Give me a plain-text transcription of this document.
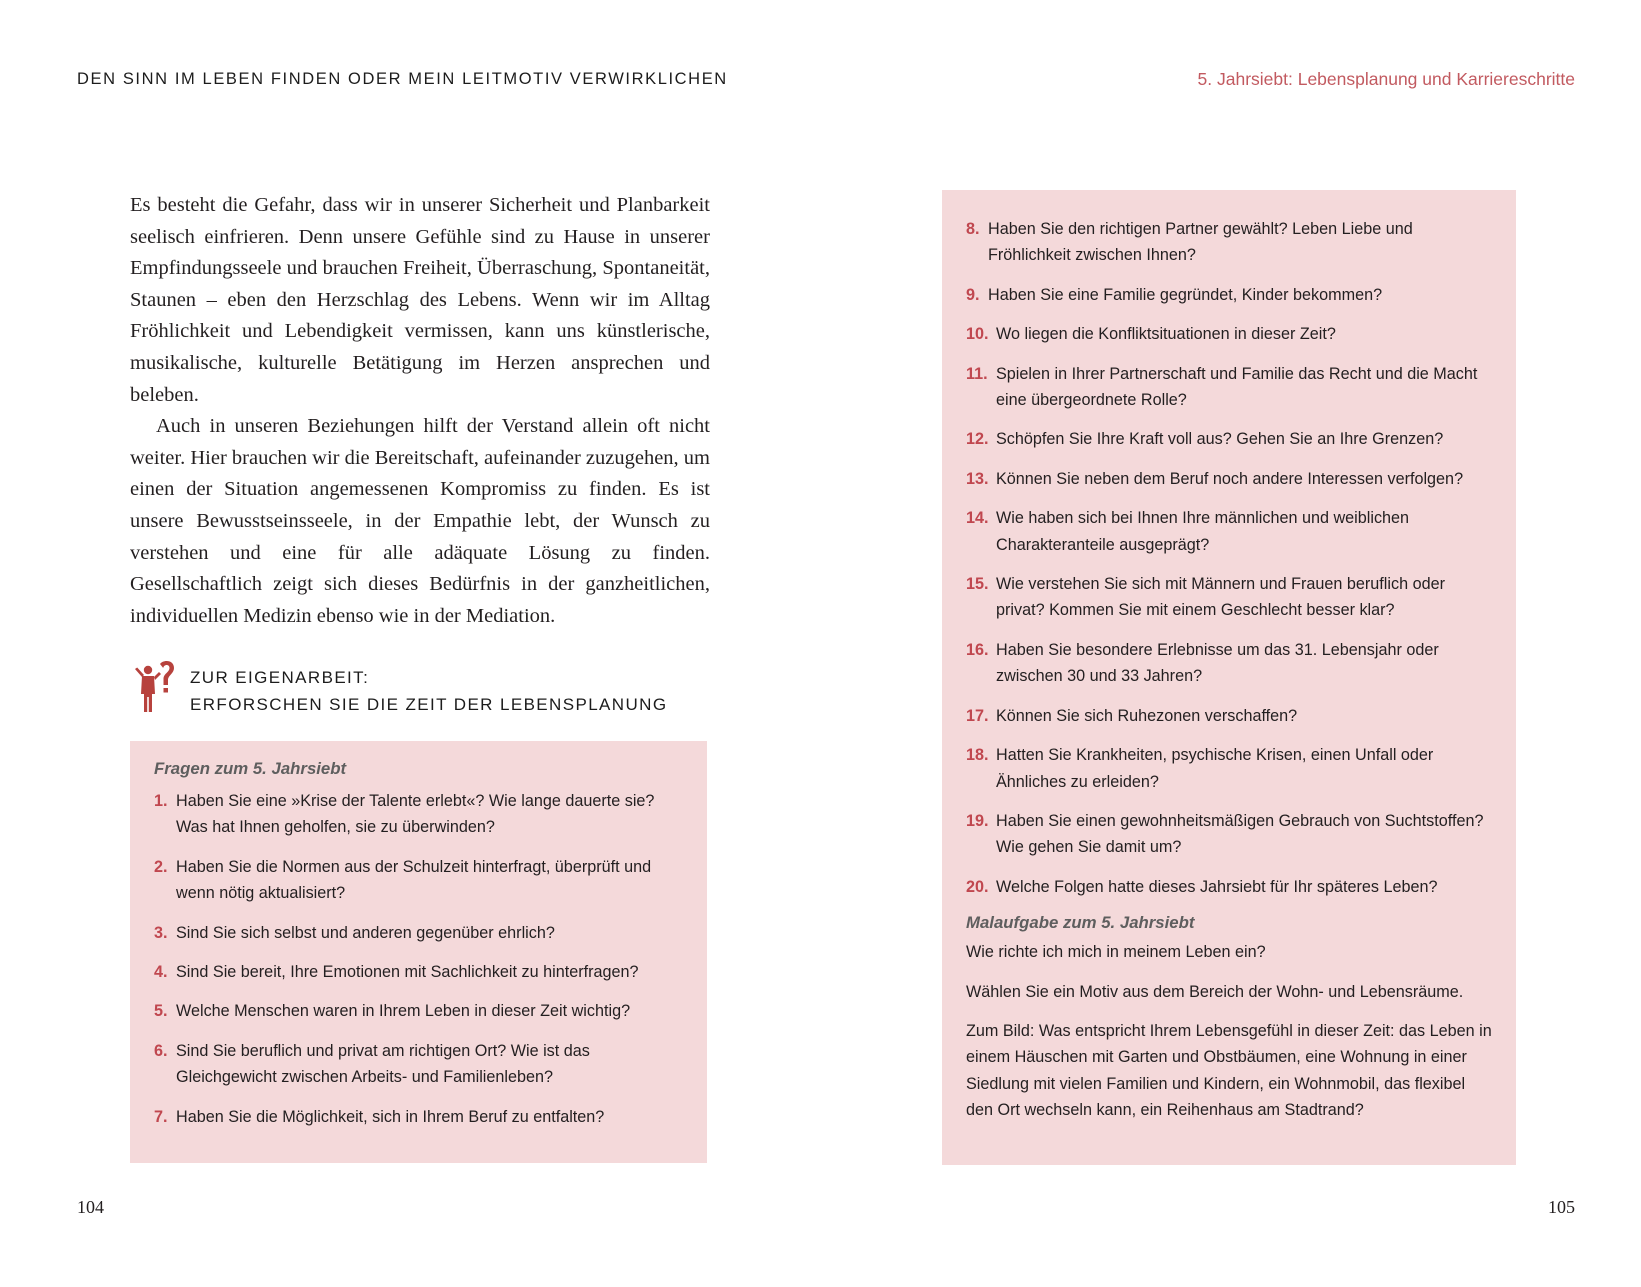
DEN SINN IM LEBEN FINDEN ODER MEIN LEITMOTIV VERWIRKLICHEN	5. Jahrsiebt: Lebensplanung und Karriereschritte

Es besteht die Gefahr, dass wir in unserer Sicherheit und Planbarkeit seelisch einfrieren. Denn unsere Gefühle sind zu Hause in unserer Empfindungsseele und brauchen Freiheit, Überraschung, Spontaneität, Staunen – eben den Herzschlag des Lebens. Wenn wir im Alltag Fröhlichkeit und Lebendigkeit vermissen, kann uns künstlerische, musikalische, kulturelle Betätigung im Herzen ansprechen und beleben.

Auch in unseren Beziehungen hilft der Verstand allein oft nicht weiter. Hier brauchen wir die Bereitschaft, aufeinander zuzugehen, um einen der Situation angemessenen Kompromiss zu finden. Es ist unsere Bewusstseinsseele, in der Empathie lebt, der Wunsch zu verstehen und eine für alle adäquate Lösung zu finden. Gesellschaftlich zeigt sich dieses Bedürfnis in der ganzheitlichen, individuellen Medizin ebenso wie in der Mediation.

ZUR EIGENARBEIT:
ERFORSCHEN SIE DIE ZEIT DER LEBENSPLANUNG
Fragen zum 5. Jahrsiebt
1. Haben Sie eine »Krise der Talente erlebt«? Wie lange dauerte sie? Was hat Ihnen geholfen, sie zu überwinden?
2. Haben Sie die Normen aus der Schulzeit hinterfragt, überprüft und wenn nötig aktualisiert?
3. Sind Sie sich selbst und anderen gegenüber ehrlich?
4. Sind Sie bereit, Ihre Emotionen mit Sachlichkeit zu hinterfragen?
5. Welche Menschen waren in Ihrem Leben in dieser Zeit wichtig?
6. Sind Sie beruflich und privat am richtigen Ort? Wie ist das Gleichgewicht zwischen Arbeits- und Familienleben?
7. Haben Sie die Möglichkeit, sich in Ihrem Beruf zu entfalten?
8. Haben Sie den richtigen Partner gewählt? Leben Liebe und Fröhlichkeit zwischen Ihnen?
9. Haben Sie eine Familie gegründet, Kinder bekommen?
10. Wo liegen die Konfliktsituationen in dieser Zeit?
11. Spielen in Ihrer Partnerschaft und Familie das Recht und die Macht eine übergeordnete Rolle?
12. Schöpfen Sie Ihre Kraft voll aus? Gehen Sie an Ihre Grenzen?
13. Können Sie neben dem Beruf noch andere Interessen verfolgen?
14. Wie haben sich bei Ihnen Ihre männlichen und weiblichen Charakteranteile ausgeprägt?
15. Wie verstehen Sie sich mit Männern und Frauen beruflich oder privat? Kommen Sie mit einem Geschlecht besser klar?
16. Haben Sie besondere Erlebnisse um das 31. Lebensjahr oder zwischen 30 und 33 Jahren?
17. Können Sie sich Ruhezonen verschaffen?
18. Hatten Sie Krankheiten, psychische Krisen, einen Unfall oder Ähnliches zu erleiden?
19. Haben Sie einen gewohnheitsmäßigen Gebrauch von Suchtstoffen? Wie gehen Sie damit um?
20. Welche Folgen hatte dieses Jahrsiebt für Ihr späteres Leben?
Malaufgabe zum 5. Jahrsiebt

Wie richte ich mich in meinem Leben ein?

Wählen Sie ein Motiv aus dem Bereich der Wohn- und Lebensräume.

Zum Bild: Was entspricht Ihrem Lebensgefühl in dieser Zeit: das Leben in einem Häuschen mit Garten und Obstbäumen, eine Wohnung in einer Siedlung mit vielen Familien und Kindern, ein Wohnmobil, das flexibel den Ort wechseln kann, ein Reihenhaus am Stadtrand?

104	105
